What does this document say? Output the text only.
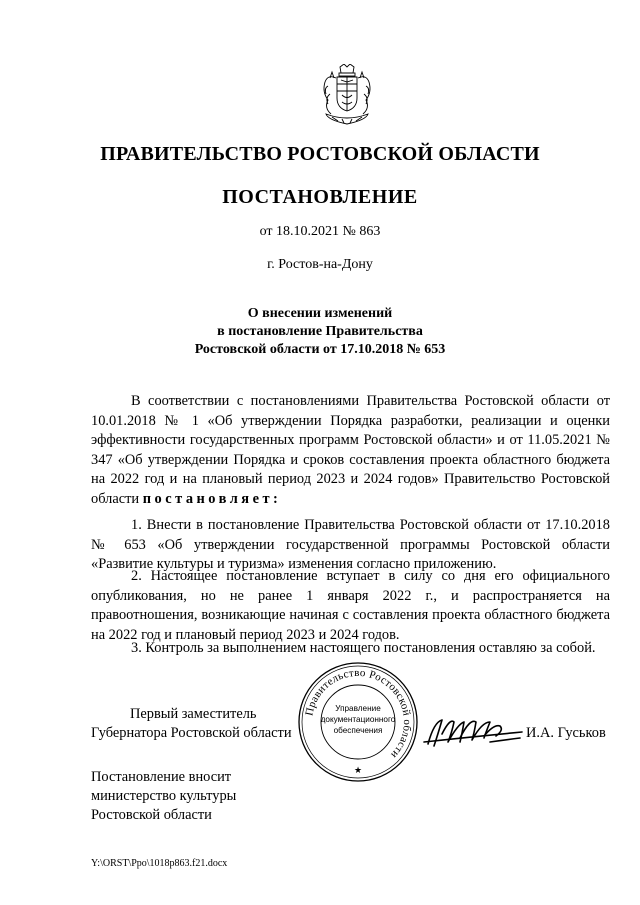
ПРАВИТЕЛЬСТВО РОСТОВСКОЙ ОБЛАСТИ
ПОСТАНОВЛЕНИЕ
от 18.10.2021 № 863
г. Ростов-на-Дону
О внесении изменений
в постановление Правительства
Ростовской области от 17.10.2018 № 653

В соответствии с постановлениями Правительства Ростовской области от 10.01.2018 № 1 «Об утверждении Порядка разработки, реализации и оценки эффективности государственных программ Ростовской области» и от 11.05.2021 № 347 «Об утверждении Порядка и сроков составления проекта областного бюджета на 2022 год и на плановый период 2023 и 2024 годов» Правительство Ростовской области постановляет:

1. Внести в постановление Правительства Ростовской области от 17.10.2018 № 653 «Об утверждении государственной программы Ростовской области «Развитие культуры и туризма» изменения согласно приложению.

2. Настоящее постановление вступает в силу со дня его официального опубликования, но не ранее 1 января 2022 г., и распространяется на правоотношения, возникающие начиная с составления проекта областного бюджета на 2022 год и плановый период 2023 и 2024 годов.

3. Контроль за выполнением настоящего постановления оставляю за собой.

Первый заместитель
Губернатора Ростовской области
Правительство Ростовской области
Управление
документационного
обеспечения
★
И.А. Гуськов
Постановление вносит
министерство культуры
Ростовской области
Y:\ORST\Ppo\1018p863.f21.docx
